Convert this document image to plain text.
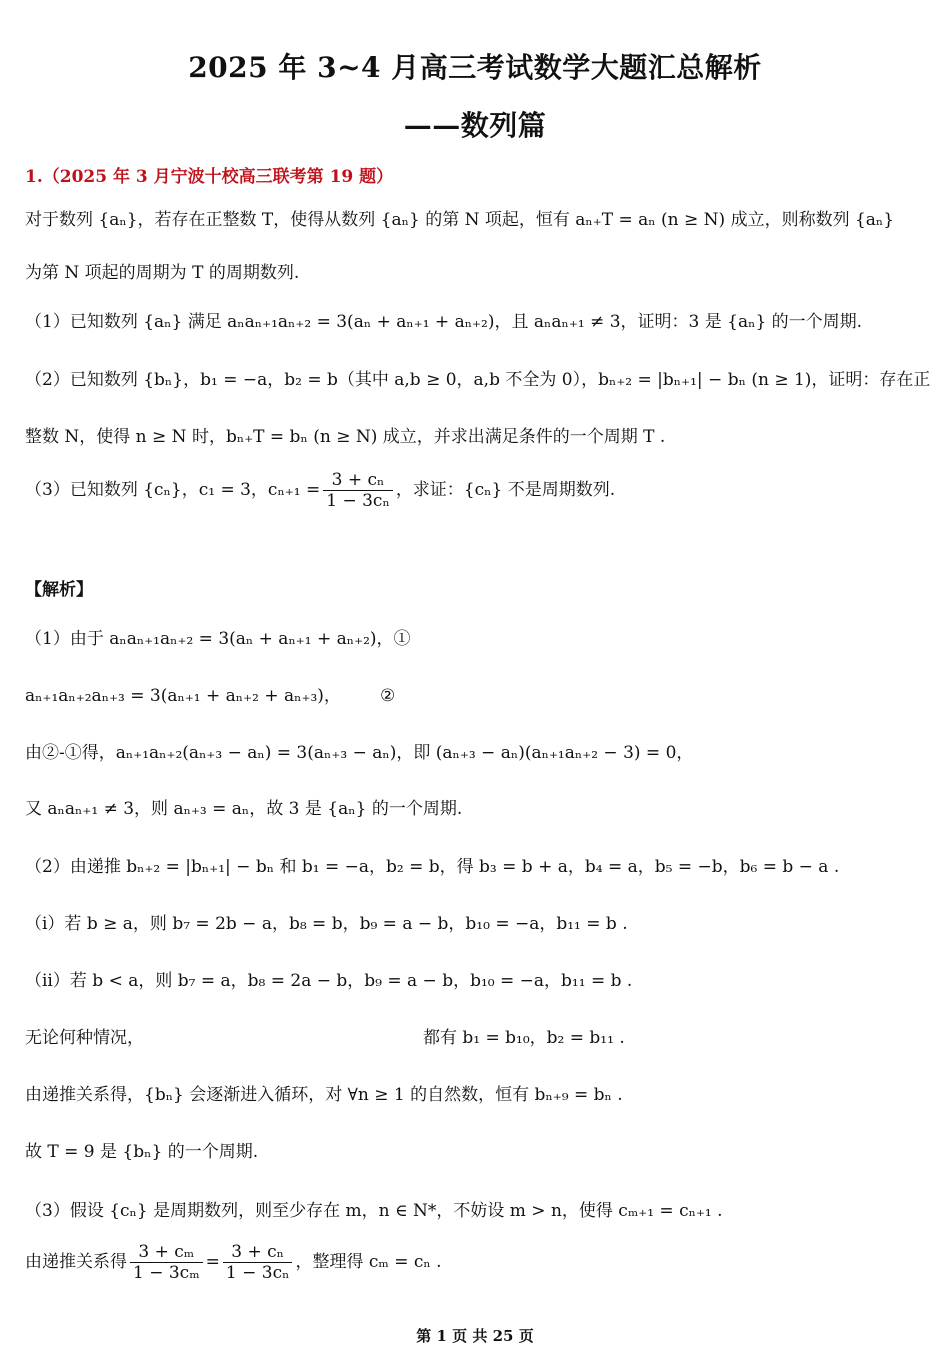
2025 年 3~4 月高三考试数学大题汇总解析
——数列篇
1.（2025 年 3 月宁波十校高三联考第 19 题）
对于数列 {aₙ}，若存在正整数 T，使得从数列 {aₙ} 的第 N 项起，恒有 aₙ₊T = aₙ (n ≥ N) 成立，则称数列 {aₙ}
为第 N 项起的周期为 T 的周期数列.
（1）已知数列 {aₙ} 满足 aₙaₙ₊₁aₙ₊₂ = 3(aₙ + aₙ₊₁ + aₙ₊₂)，且 aₙaₙ₊₁ ≠ 3，证明：3 是 {aₙ} 的一个周期.
（2）已知数列 {bₙ}，b₁ = −a，b₂ = b（其中 a,b ≥ 0，a,b 不全为 0），bₙ₊₂ = |bₙ₊₁| − bₙ (n ≥ 1)，证明：存在正
整数 N，使得 n ≥ N 时，bₙ₊T = bₙ (n ≥ N) 成立，并求出满足条件的一个周期 T .
（3）已知数列 {cₙ}，c₁ = 3，$c_{n+1} = \frac{\text{3 + cₙ}}{\text{1 − 3cₙ}}$ ，求证：{cₙ} 不是周期数列.
【解析】
（1）由于 aₙaₙ₊₁aₙ₊₂ = 3(aₙ + aₙ₊₁ + aₙ₊₂)，①
aₙ₊₁aₙ₊₂aₙ₊₃ = 3(aₙ₊₁ + aₙ₊₂ + aₙ₊₃)， ②
由②-①得，aₙ₊₁aₙ₊₂(aₙ₊₃ − aₙ) = 3(aₙ₊₃ − aₙ)，即 (aₙ₊₃ − aₙ)(aₙ₊₁aₙ₊₂ − 3) = 0，
又 aₙaₙ₊₁ ≠ 3，则 aₙ₊₃ = aₙ，故 3 是 {aₙ} 的一个周期.
（2）由递推 bₙ₊₂ = |bₙ₊₁| − bₙ 和 b₁ = −a，b₂ = b，得 b₃ = b + a，b₄ = a，b₅ = −b，b₆ = b − a .
（i）若 b ≥ a，则 b₇ = 2b − a，b₈ = b，b₉ = a − b，b₁₀ = −a，b₁₁ = b .
（ii）若 b < a，则 b₇ = a，b₈ = 2a − b，b₉ = a − b，b₁₀ = −a，b₁₁ = b .
无论何种情况，	都有 b₁ = b₁₀，b₂ = b₁₁ .
由递推关系得，{bₙ} 会逐渐进入循环，对 ∀n ≥ 1 的自然数，恒有 bₙ₊₉ = bₙ .
故 T = 9 是 {bₙ} 的一个周期.
（3）假设 {cₙ} 是周期数列，则至少存在 m，n ∈ N*，不妨设 m > n，使得 cₘ₊₁ = cₙ₊₁ .
由递推关系得 $\frac{\text{3 + cₘ}}{\text{1 − 3cₘ}} = \frac{\text{3 + cₙ}}{\text{1 − 3cₙ}}$ ，整理得 cₘ = cₙ .
第 1 页 共 25 页
